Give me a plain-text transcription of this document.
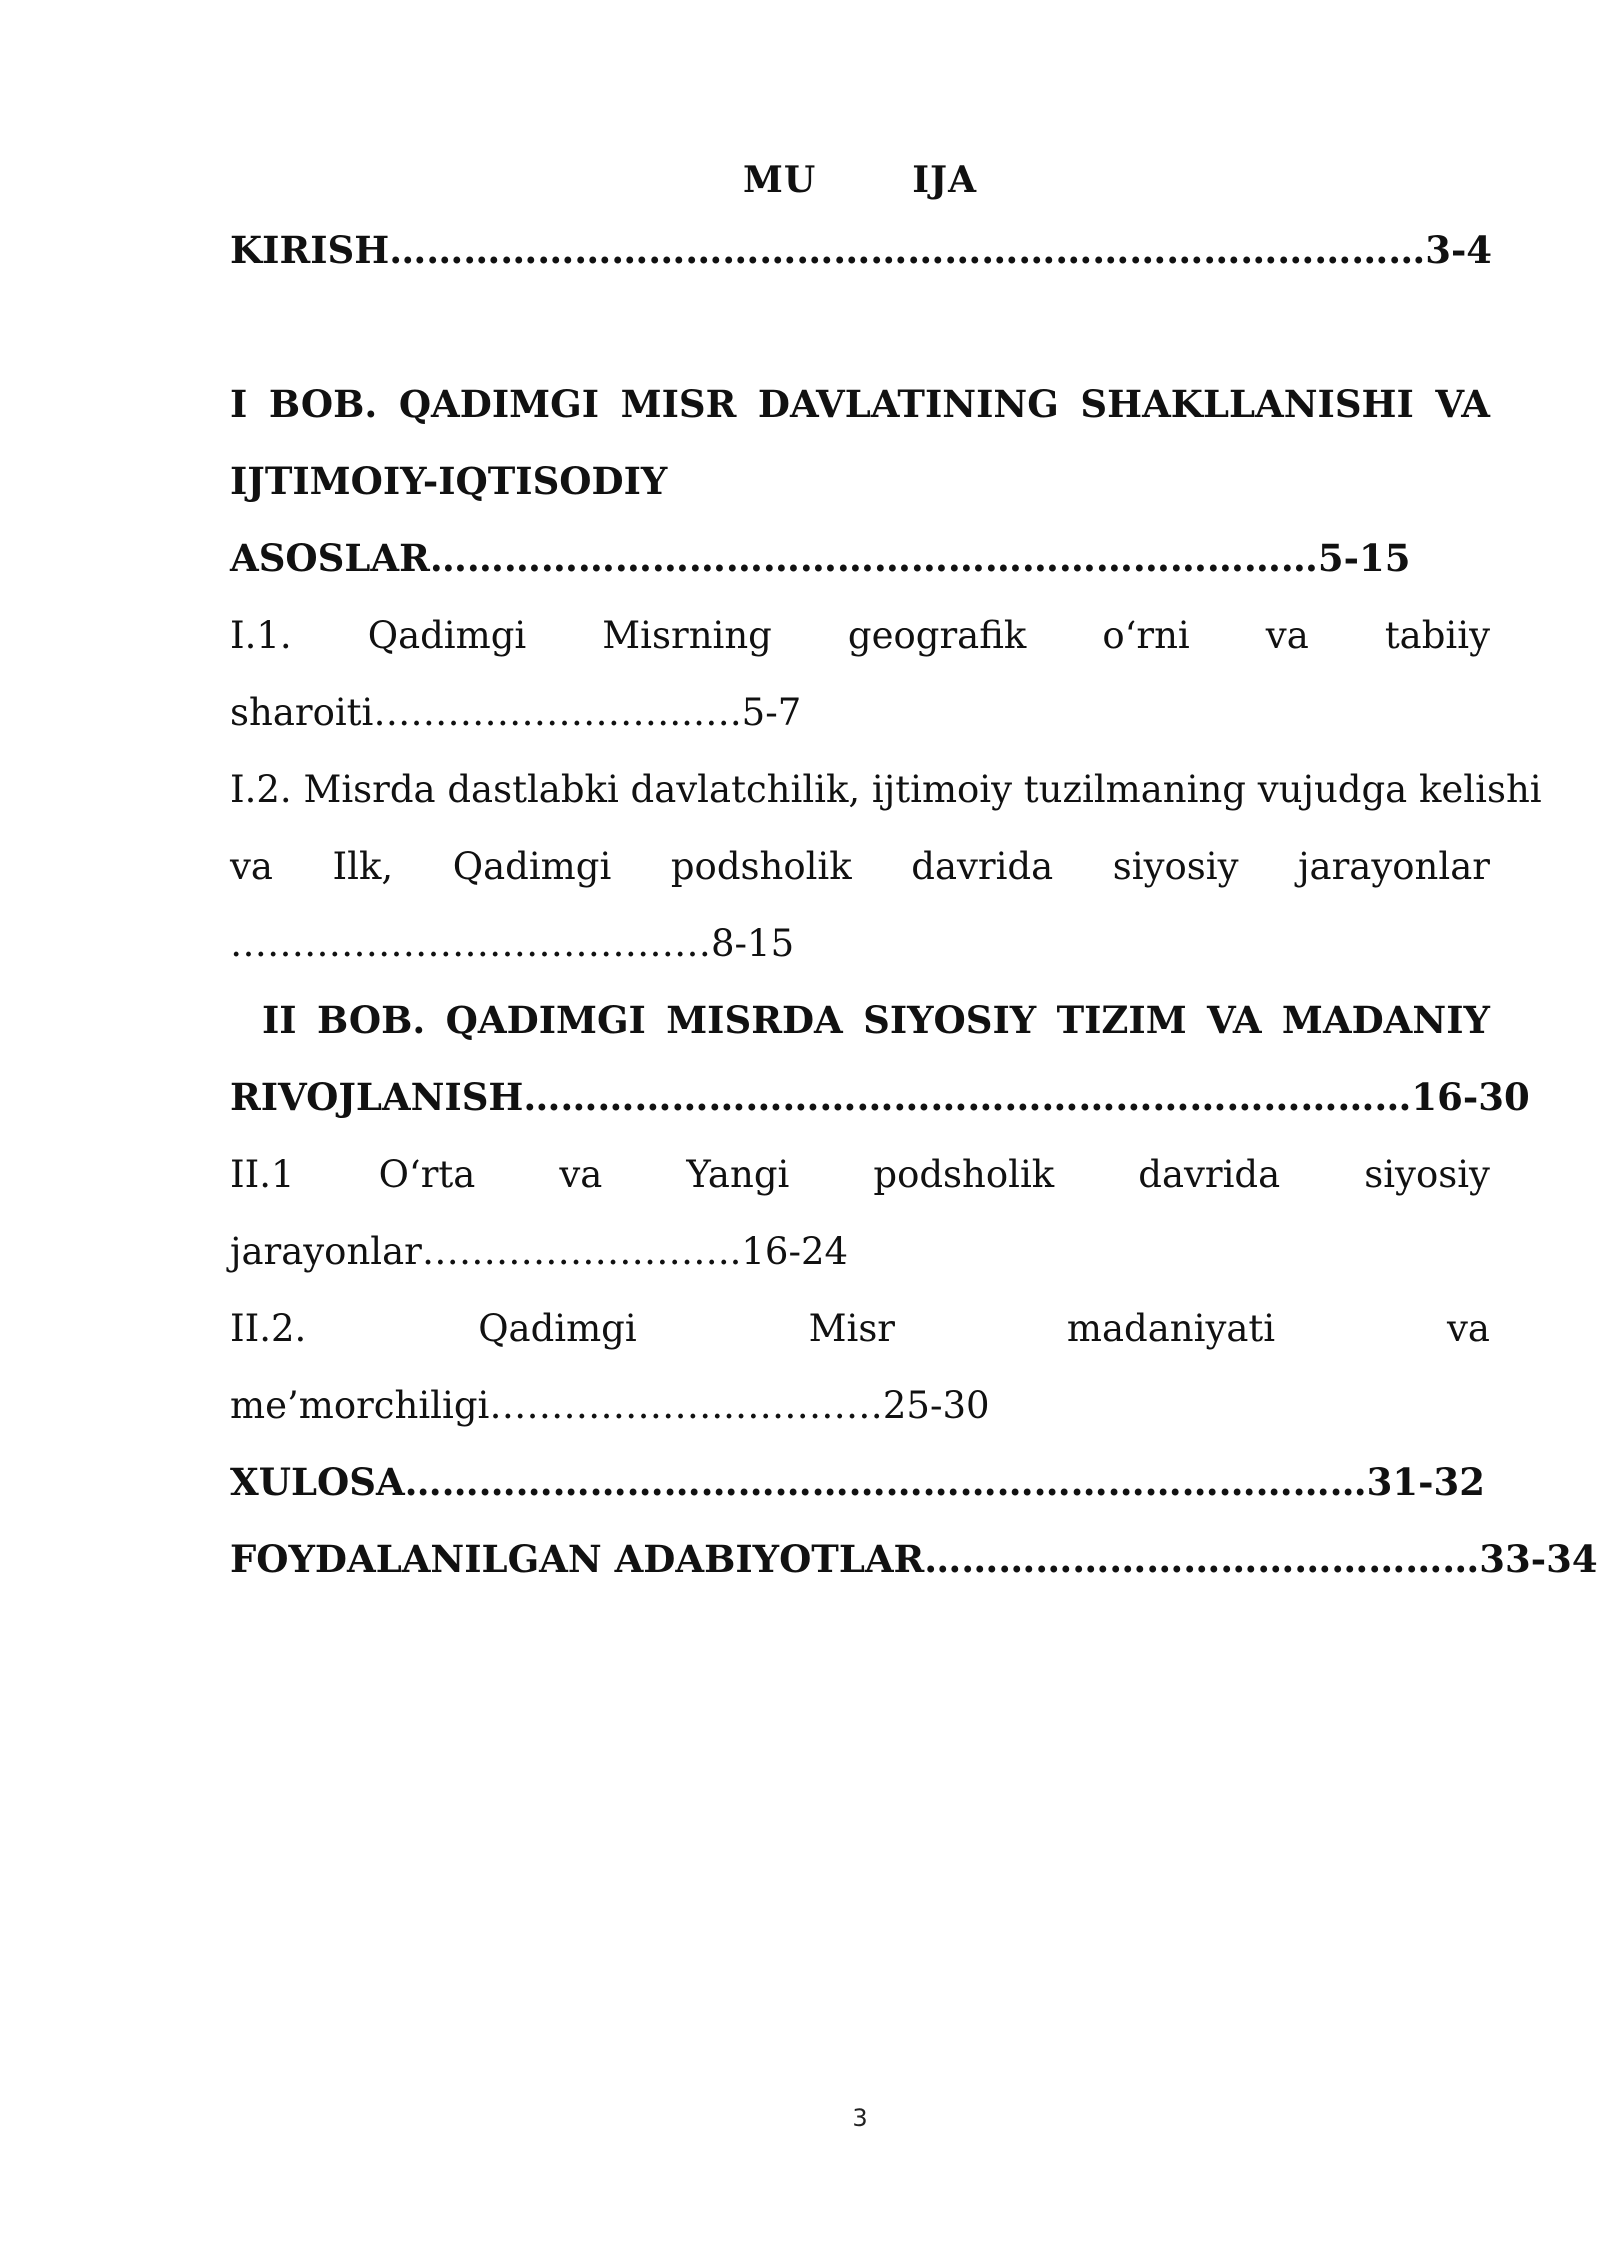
MU	IJA
KIRISH…………………………………………………………………………3-4
I BOB. QADIMGI MISR DAVLATINING SHAKLLANISHI VA
IJTIMOIY-IQTISODIY
ASOSLAR………………………………………………………………5-15
I.1. Qadimgi Misrning geografik o‘rni va tabiiy
sharoiti……………………..….5-7
I.2. Misrda dastlabki davlatchilik, ijtimoiy tuzilmaning vujudga kelishi
va Ilk, Qadimgi podsholik davrida siyosiy jarayonlar
…………………………………8-15
II BOB. QADIMGI MISRDA SIYOSIY TIZIM VA MADANIY
RIVOJLANISH………………………………………………………………16-30
II.1 O‘rta va Yangi podsholik davrida siyosiy
jarayonlar……………………..16-24
II.2.	Qadimgi	Misr	madaniyati	va
me’morchiligi………………..…………25-30
XULOSA……………………………………………………………………31-32
FOYDALANILGAN ADABIYOTLAR………………………………………33-34
3
